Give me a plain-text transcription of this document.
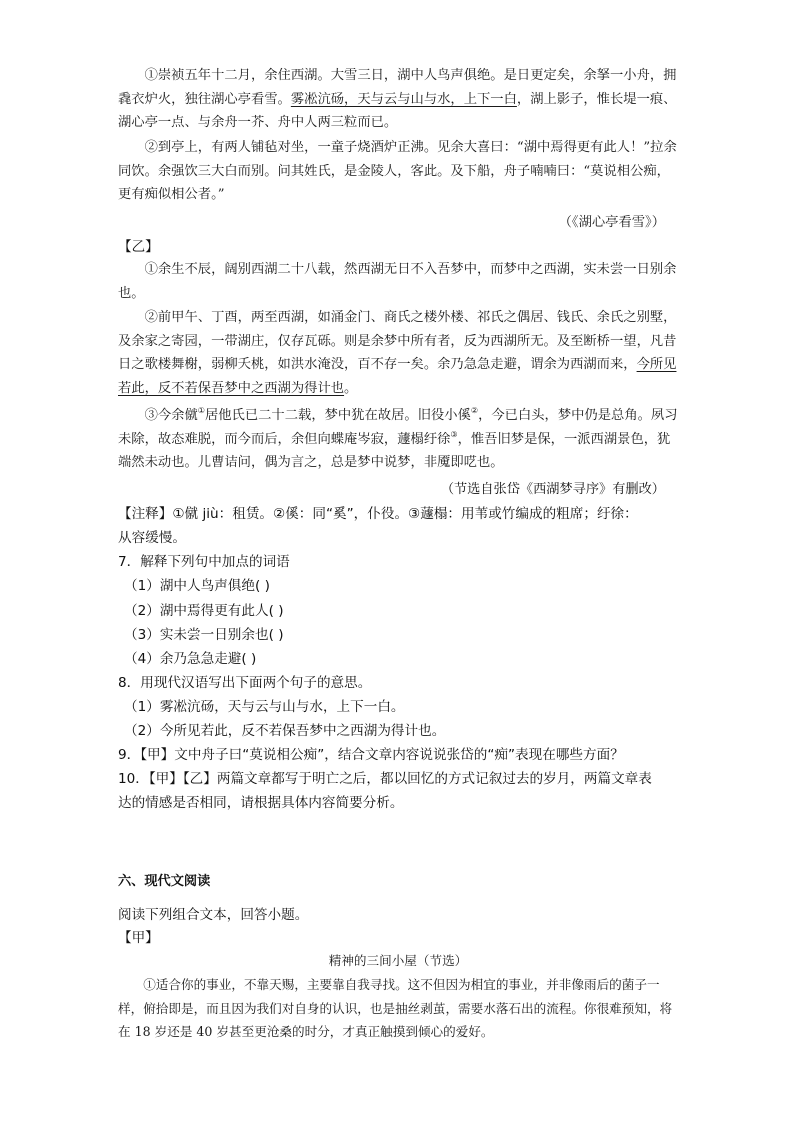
①崇祯五年十二月，余住西湖。大雪三日，湖中人鸟声俱绝。是日更定矣，余拏一小舟，拥毳衣炉火，独往湖心亭看雪。雾凇沆砀，天与云与山与水，上下一白，湖上影子，惟长堤一痕、湖心亭一点、与余舟一芥、舟中人两三粒而已。

②到亭上，有两人铺毡对坐，一童子烧酒炉正沸。见余大喜曰：“湖中焉得更有此人！”拉余同饮。余强饮三大白而别。问其姓氏，是金陵人，客此。及下船，舟子喃喃曰：“莫说相公痴，更有痴似相公者。”

（《湖心亭看雪》）
【乙】

①余生不辰，阔别西湖二十八载，然西湖无日不入吾梦中，而梦中之西湖，实未尝一日别余也。

②前甲午、丁酉，两至西湖，如涌金门、商氏之楼外楼、祁氏之偶居、钱氏、余氏之别墅，及余家之寄园，一带湖庄，仅存瓦砾。则是余梦中所有者，反为西湖所无。及至断桥一望，凡昔日之歌楼舞榭，弱柳夭桃，如洪水淹没，百不存一矣。余乃急急走避，谓余为西湖而来，今所见若此，反不若保吾梦中之西湖为得计也。

③今余僦①居他氏已二十二载，梦中犹在故居。旧役小傒②，今已白头，梦中仍是总角。夙习未除，故态难脱，而今而后，余但向蝶庵岑寂，蘧榻纡徐③，惟吾旧梦是保，一派西湖景色，犹端然未动也。儿曹诘问，偶为言之，总是梦中说梦，非魇即呓也。

（节选自张岱《西湖梦寻序》有删改）
【注释】①僦 jiù：租赁。②傒：同“奚”，仆役。③蘧榻：用苇或竹编成的粗席；纡徐：
从容缓慢。
7．解释下列句中加点的词语
（1）湖中人鸟声俱绝( )
（2）湖中焉得更有此人( )
（3）实未尝一日别余也( )
（4）余乃急急走避( )
8．用现代汉语写出下面两个句子的意思。
（1）雾凇沆砀，天与云与山与水，上下一白。
（2）今所见若此，反不若保吾梦中之西湖为得计也。
9．【甲】文中舟子曰“莫说相公痴”，结合文章内容说说张岱的“痴”表现在哪些方面？
10．【甲】【乙】两篇文章都写于明亡之后，都以回忆的方式记叙过去的岁月，两篇文章表
达的情感是否相同，请根据具体内容简要分析。
六、现代文阅读
阅读下列组合文本，回答小题。
【甲】
精神的三间小屋（节选）

①适合你的事业，不靠天赐，主要靠自我寻找。这不但因为相宜的事业，并非像雨后的菌子一样，俯拾即是，而且因为我们对自身的认识，也是抽丝剥茧，需要水落石出的流程。你很难预知，将在 18 岁还是 40 岁甚至更沧桑的时分，才真正触摸到倾心的爱好。
